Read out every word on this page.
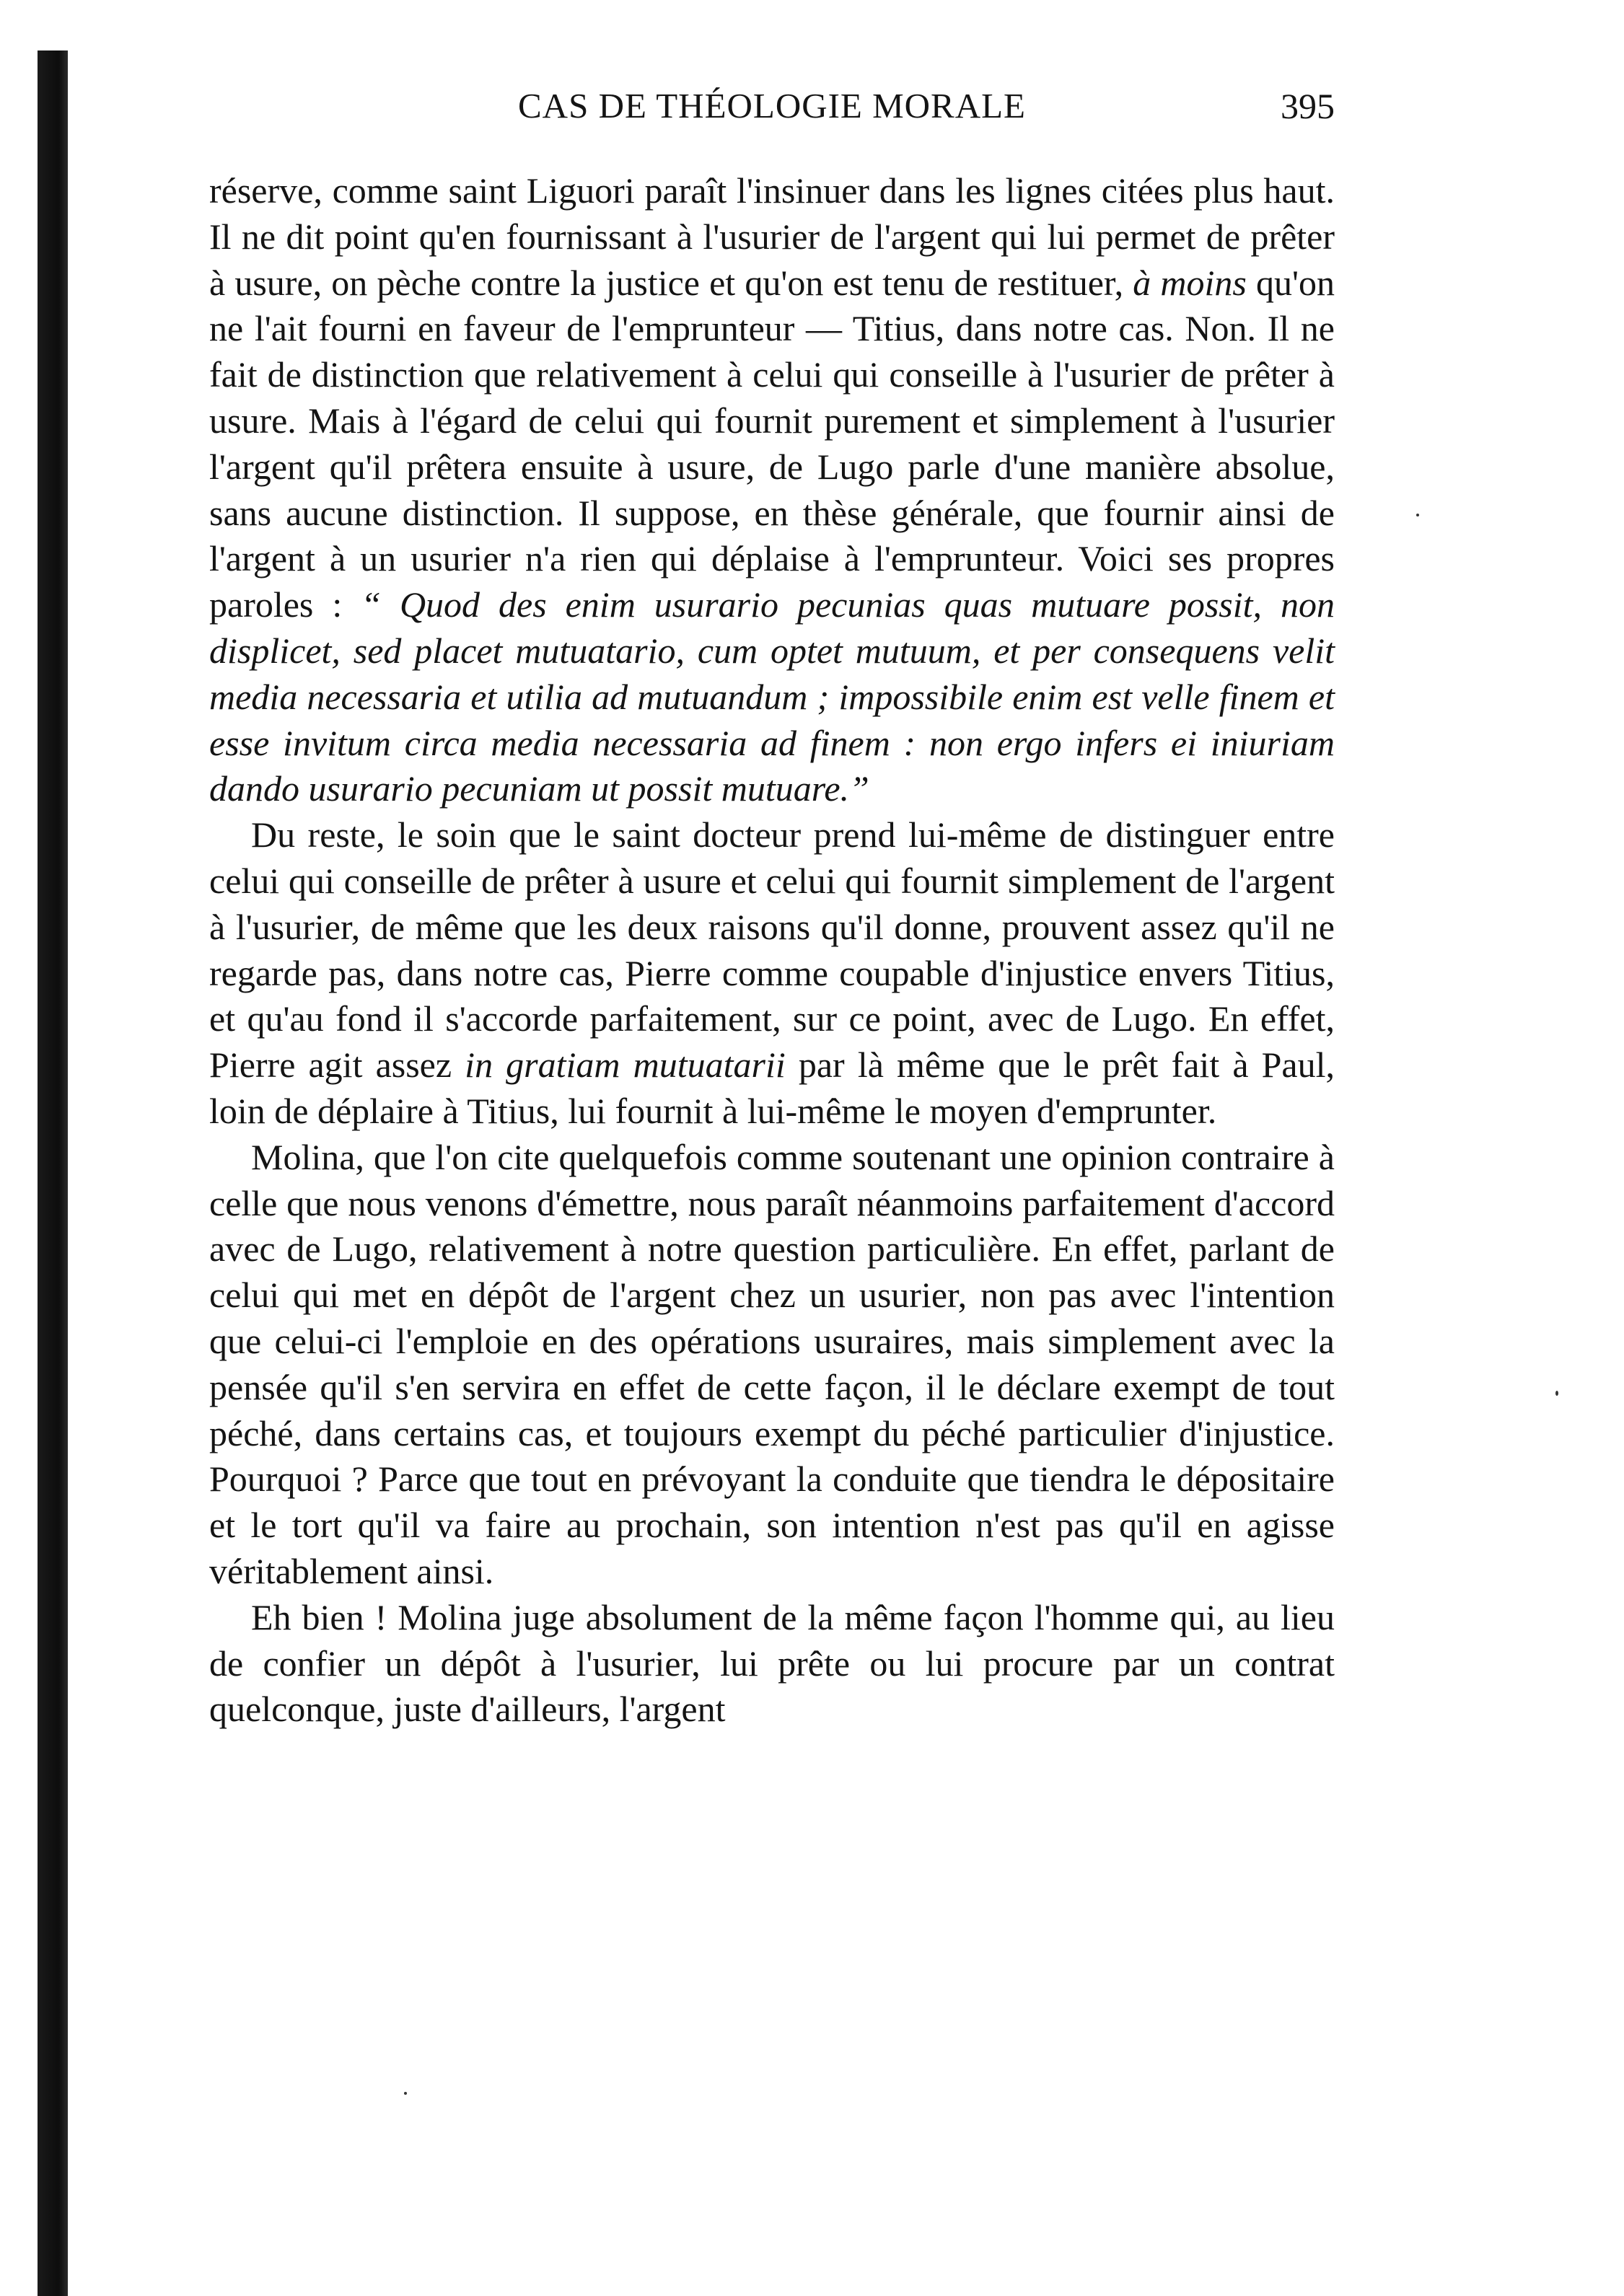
CAS DE THÉOLOGIE MORALE	395

réserve, comme saint Liguori paraît l'insinuer dans les lignes citées plus haut. Il ne dit point qu'en fournissant à l'usurier de l'argent qui lui permet de prêter à usure, on pèche contre la justice et qu'on est tenu de restituer, à moins qu'on ne l'ait fourni en faveur de l'emprunteur — Titius, dans notre cas. Non. Il ne fait de distinction que relativement à celui qui conseille à l'usurier de prêter à usure. Mais à l'égard de celui qui fournit purement et simplement à l'usurier l'argent qu'il prêtera ensuite à usure, de Lugo parle d'une manière absolue, sans aucune distinction. Il suppose, en thèse générale, que fournir ainsi de l'argent à un usurier n'a rien qui déplaise à l'emprunteur. Voici ses propres paroles : “ Quod des enim usurario pecunias quas mutuare possit, non displicet, sed placet mutuatario, cum optet mutuum, et per consequens velit media necessaria et utilia ad mutuandum ; impossibile enim est velle finem et esse invitum circa media necessaria ad finem : non ergo infers ei iniuriam dando usurario pecuniam ut possit mutuare.”

Du reste, le soin que le saint docteur prend lui-même de distinguer entre celui qui conseille de prêter à usure et celui qui fournit simplement de l'argent à l'usurier, de même que les deux raisons qu'il donne, prouvent assez qu'il ne regarde pas, dans notre cas, Pierre comme coupable d'injustice envers Titius, et qu'au fond il s'accorde parfaitement, sur ce point, avec de Lugo. En effet, Pierre agit assez in gratiam mutuatarii par là même que le prêt fait à Paul, loin de déplaire à Titius, lui fournit à lui-même le moyen d'emprunter.

Molina, que l'on cite quelquefois comme soutenant une opinion contraire à celle que nous venons d'émettre, nous paraît néanmoins parfaitement d'accord avec de Lugo, relativement à notre question particulière. En effet, parlant de celui qui met en dépôt de l'argent chez un usurier, non pas avec l'intention que celui-ci l'emploie en des opérations usuraires, mais simplement avec la pensée qu'il s'en servira en effet de cette façon, il le déclare exempt de tout péché, dans certains cas, et toujours exempt du péché particulier d'injustice. Pourquoi ? Parce que tout en prévoyant la conduite que tiendra le dépositaire et le tort qu'il va faire au prochain, son intention n'est pas qu'il en agisse véritablement ainsi.

Eh bien ! Molina juge absolument de la même façon l'homme qui, au lieu de confier un dépôt à l'usurier, lui prête ou lui procure par un contrat quelconque, juste d'ailleurs, l'argent
